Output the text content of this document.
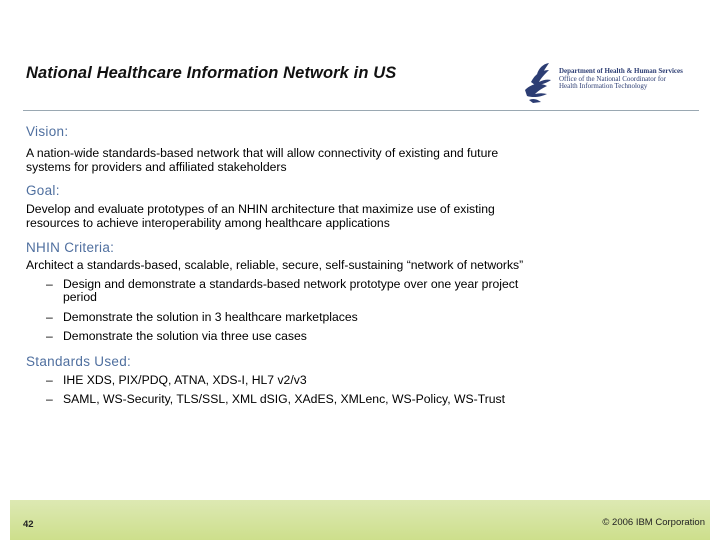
National Healthcare Information Network in US	Department of Health & Human Services
Office of the National Coordinator for
Health Information Technology

Vision:

A nation-wide standards-based network that will allow connectivity of existing and future

systems for providers and affiliated stakeholders

Goal:

Develop and evaluate prototypes of an NHIN architecture that maximize use of existing

resources to achieve interoperability among healthcare applications

NHIN Criteria:

Architect a standards-based, scalable, reliable, secure, self-sustaining “network of networks”

– Design and demonstrate a standards-based network prototype over one year project
period
– Demonstrate the solution in 3 healthcare marketplaces
– Demonstrate the solution via three use cases

Standards Used:

– IHE XDS, PIX/PDQ, ATNA, XDS-I, HL7 v2/v3
– SAML, WS-Security, TLS/SSL, XML dSIG, XAdES, XMLenc, WS-Policy, WS-Trust
42	© 2006 IBM Corporation
